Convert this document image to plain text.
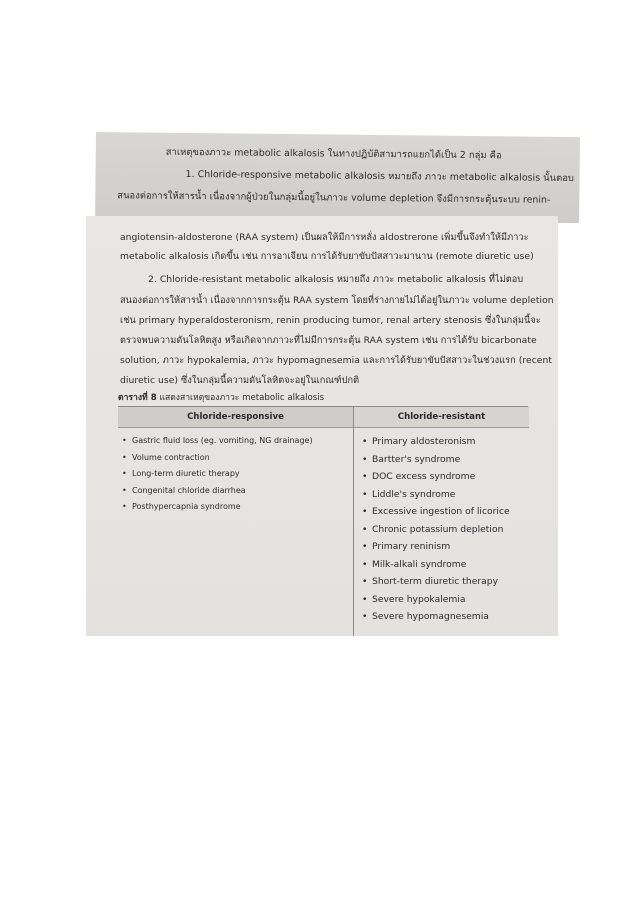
สาเหตุของภาวะ metabolic alkalosis ในทางปฏิบัติสามารถแยกได้เป็น 2 กลุ่ม คือ
1. Chloride-responsive metabolic alkalosis หมายถึง ภาวะ metabolic alkalosis นั้นตอบ
สนองต่อการให้สารน้ำ เนื่องจากผู้ป่วยในกลุ่มนี้อยู่ในภาวะ volume depletion จึงมีการกระตุ้นระบบ renin-
angiotensin-aldosterone (RAA system) เป็นผลให้มีการหลั่ง aldostrerone เพิ่มขึ้นจึงทำให้มีภาวะ
metabolic alkalosis เกิดขึ้น เช่น การอาเจียน การได้รับยาขับปัสสาวะมานาน (remote diuretic use)
2. Chloride-resistant metabolic alkalosis หมายถึง ภาวะ metabolic alkalosis ที่ไม่ตอบ
สนองต่อการให้สารน้ำ เนื่องจากการกระตุ้น RAA system โดยที่ร่างกายไม่ได้อยู่ในภาวะ volume depletion
เช่น primary hyperaldosteronism, renin producing tumor, renal artery stenosis ซึ่งในกลุ่มนี้จะ
ตรวจพบความดันโลหิตสูง หรือเกิดจากภาวะที่ไม่มีการกระตุ้น RAA system เช่น การได้รับ bicarbonate
solution, ภาวะ hypokalemia, ภาวะ hypomagnesemia และการได้รับยาขับปัสสาวะในช่วงแรก (recent
diuretic use) ซึ่งในกลุ่มนี้ความดันโลหิตจะอยู่ในเกณฑ์ปกติ
ตารางที่ 8 แสดงสาเหตุของภาวะ metabolic alkalosis
Chloride-responsive	Chloride-resistant
• Gastric fluid loss (eg. vomiting, NG drainage)
• Volume contraction
• Long-term diuretic therapy
• Congenital chloride diarrhea
• Posthypercapnia syndrome
• Primary aldosteronism
• Bartter's syndrome
• DOC excess syndrome
• Liddle's syndrome
• Excessive ingestion of licorice
• Chronic potassium depletion
• Primary reninism
• Milk-alkali syndrome
• Short-term diuretic therapy
• Severe hypokalemia
• Severe hypomagnesemia
